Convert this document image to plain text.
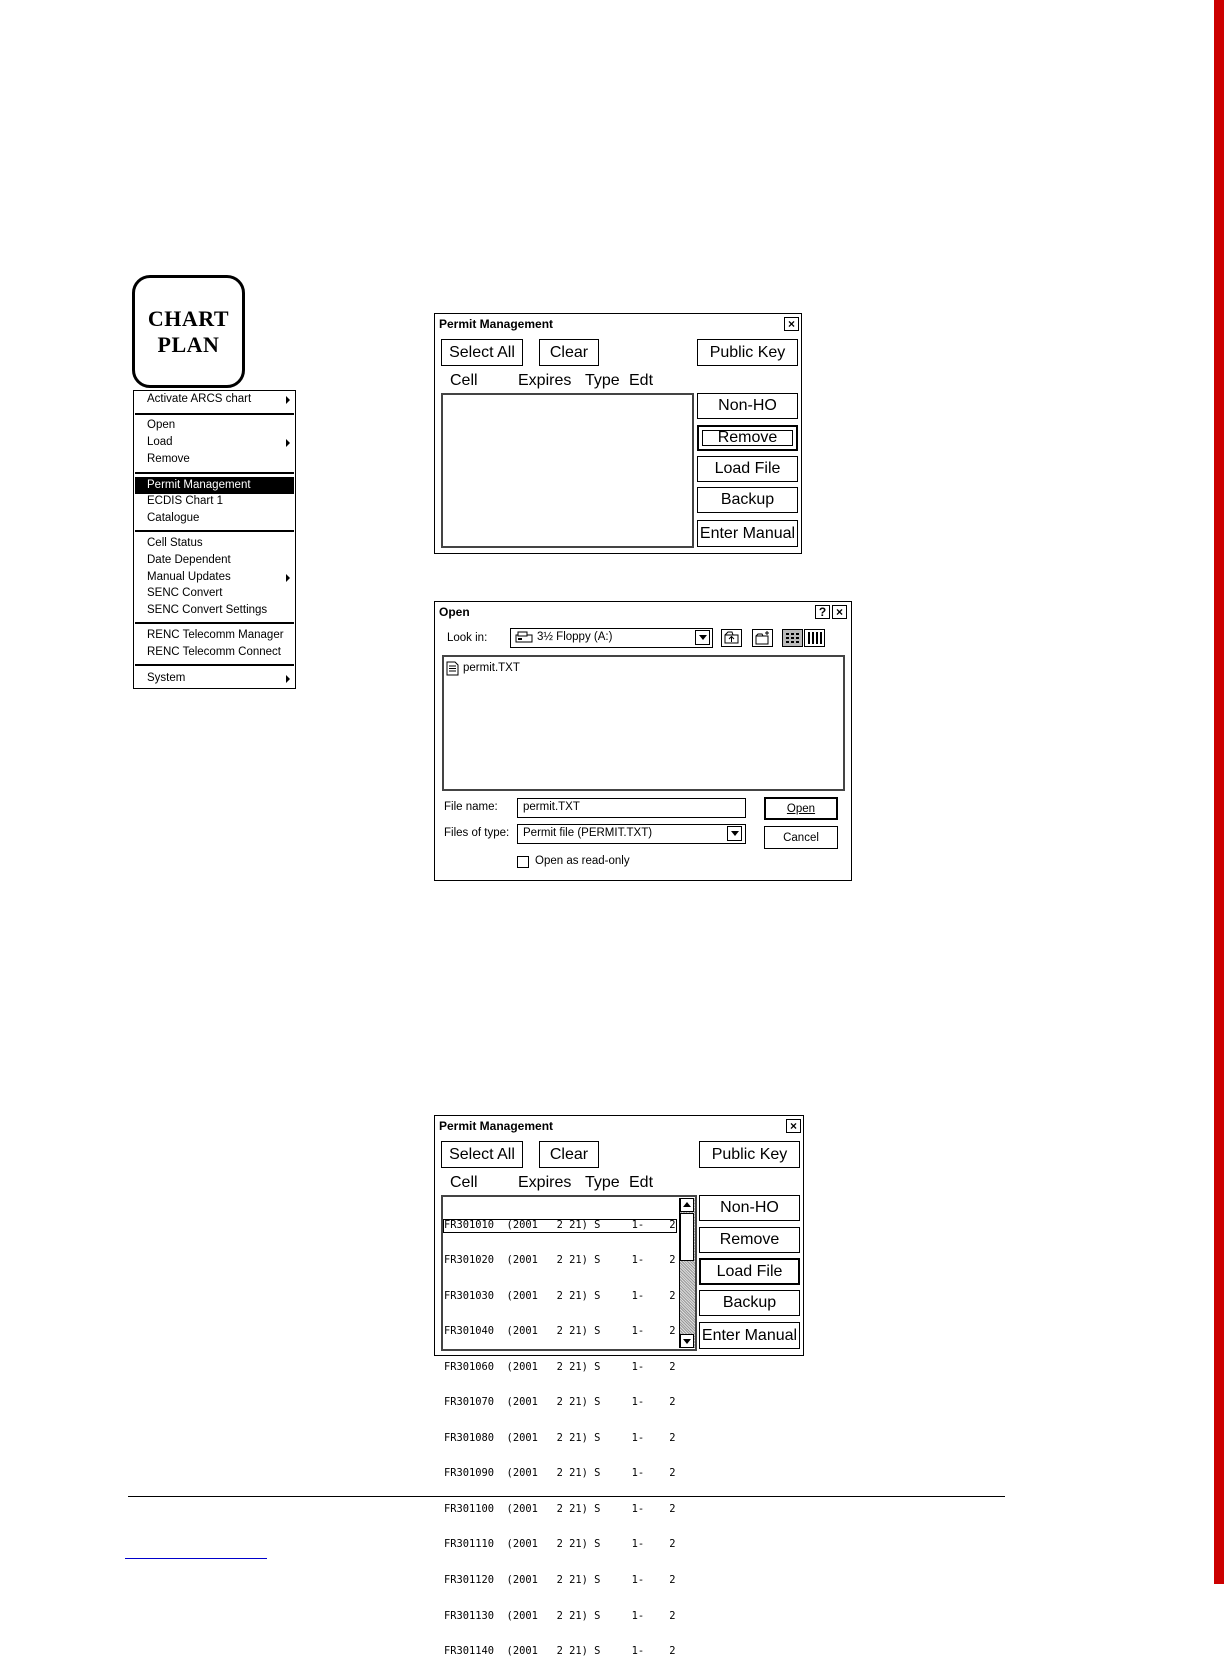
CHART
PLAN
Activate ARCS chart
Open
Load
Remove
Permit Management
ECDIS Chart 1
Catalogue
Cell Status
Date Dependent
Manual Updates
SENC Convert
SENC Convert Settings
RENC Telecomm Manager
RENC Telecomm Connect
System
Permit Management	×
Select All	Clear	Public Key
Cell	Expires Type Edt
Non-HO
Remove
Load File
Backup
Enter Manual
Open	? ×
Look in:	3½ Floppy (A:)
permit.TXT
File name:	permit.TXT	Open
Files of type:	Permit file (PERMIT.TXT)	Cancel
Open as read-only
Permit Management	×
Select All	Clear	Public Key
Cell	Expires Type Edt
Non-HO
Remove
Load File
Backup
Enter Manual

FR301010  (2001   2 21) S     1-    2

FR301020  (2001   2 21) S     1-    2

FR301030  (2001   2 21) S     1-    2

FR301040  (2001   2 21) S     1-    2

FR301060  (2001   2 21) S     1-    2

FR301070  (2001   2 21) S     1-    2

FR301080  (2001   2 21) S     1-    2

FR301090  (2001   2 21) S     1-    2

FR301100  (2001   2 21) S     1-    2

FR301110  (2001   2 21) S     1-    2

FR301120  (2001   2 21) S     1-    2

FR301130  (2001   2 21) S     1-    2

FR301140  (2001   2 21) S     1-    2
